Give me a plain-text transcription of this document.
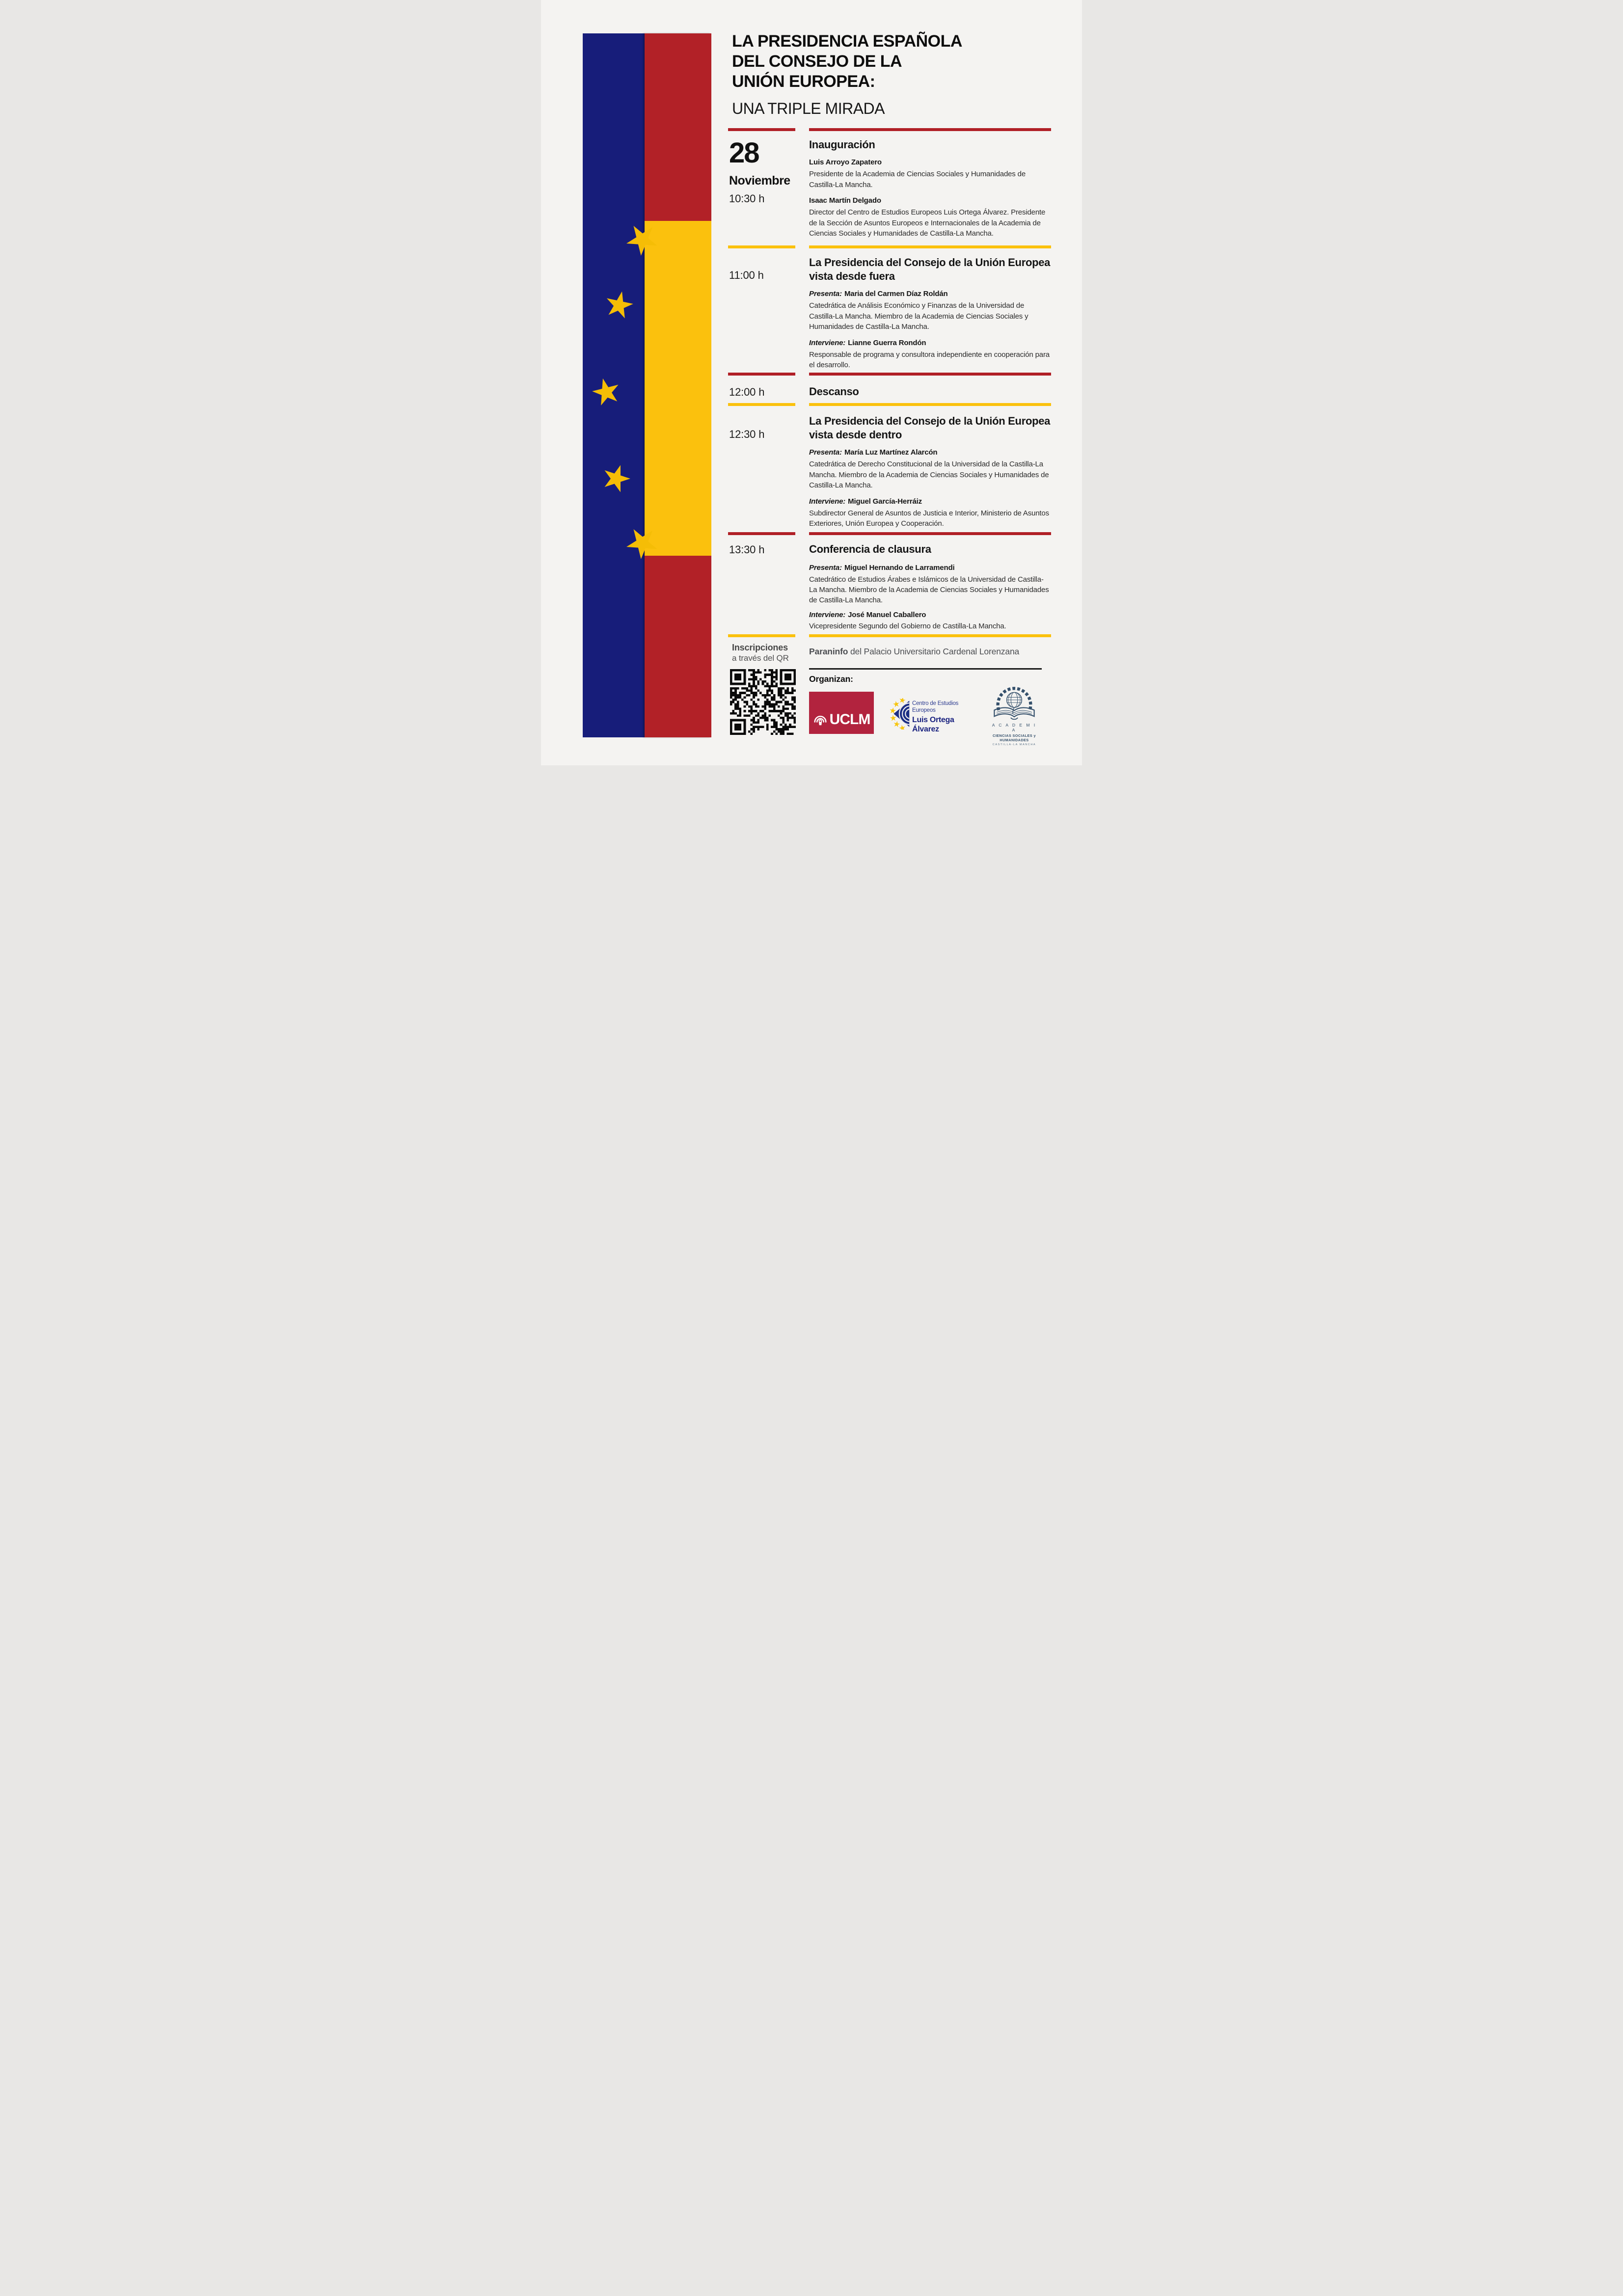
LA PRESIDENCIA ESPAÑOLA
DEL CONSEJO DE LA
UNIÓN EUROPEA:
UNA TRIPLE MIRADA
28
Noviembre
10:30 h
Inauguración
Luis Arroyo Zapatero
Presidente de la Academia de Ciencias Sociales y Humanidades de Castilla-La Mancha.
Isaac Martín Delgado
Director del Centro de Estudios Europeos Luis Ortega Álvarez. Presidente de la Sección de Asuntos Europeos e Internacionales de la Academia de Ciencias Sociales y Humanidades de Castilla-La Mancha.
11:00 h
La Presidencia del Consejo de la Unión Europea vista desde fuera
Presenta: Maria del Carmen Díaz Roldán
Catedrática de Análisis Económico y Finanzas de la Universidad de Castilla-La Mancha. Miembro de la Academia de Ciencias Sociales y Humanidades de Castilla-La Mancha.
Interviene: Lianne Guerra Rondón
Responsable de programa y consultora independiente en cooperación para el desarrollo.
12:00 h	Descanso
12:30 h
La Presidencia del Consejo de la Unión Europea vista desde dentro
Presenta: María Luz Martínez Alarcón
Catedrática de Derecho Constitucional de la Universidad de la Castilla-La Mancha. Miembro de la Academia de Ciencias Sociales y Humanidades de Castilla-La Mancha.
Interviene: Miguel García-Herráiz
Subdirector General de Asuntos de Justicia e Interior, Ministerio de Asuntos Exteriores, Unión Europea y Cooperación.
13:30 h	Conferencia de clausura
Presenta: Miguel Hernando de Larramendi
Catedrático de Estudios Árabes e Islámicos de la Universidad de Castilla-La Mancha. Miembro de la Academia de Ciencias Sociales y Humanidades de Castilla-La Mancha.
Interviene: José Manuel Caballero
Vicepresidente Segundo del Gobierno de Castilla-La Mancha.
Inscripciones
a través del QR
Paraninfo del Palacio Universitario Cardenal Lorenzana
Organizan:
UCLM
Centro de Estudios Europeos
Luis Ortega Álvarez	A C A D E M I A
CIENCIAS SOCIALES y HUMANIDADES
CASTILLA-LA MANCHA
